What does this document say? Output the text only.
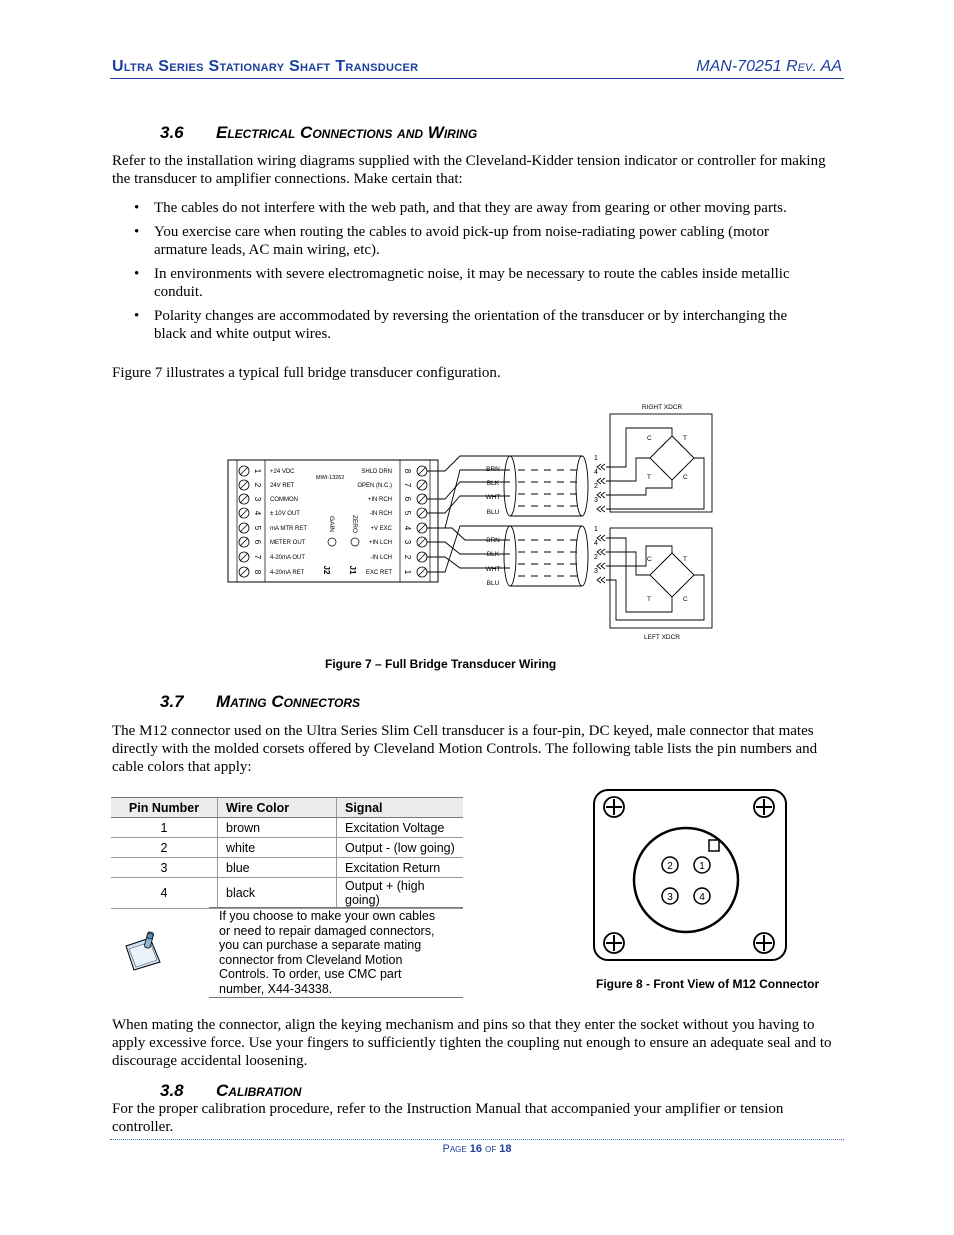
Ultra Series Stationary Shaft Transducer	MAN-70251 Rev. AA
3.6 Electrical Connections and Wiring
Refer to the installation wiring diagrams supplied with the Cleveland-Kidder tension indicator or controller for making the transducer to amplifier connections. Make certain that:
• The cables do not interfere with the web path, and that they are away from gearing or other moving parts.
• You exercise care when routing the cables to avoid pick-up from noise-radiating power cabling (motor armature leads, AC main wiring, etc).
• In environments with severe electromagnetic noise, it may be necessary to route the cables inside metallic conduit.
• Polarity changes are accommodated by reversing the orientation of the transducer or by interchanging the black and white output wires.
Figure 7 illustrates a typical full bridge transducer configuration.
1
2
3
4
5
6
7
8
+24 VDC
24V RET
COMMON
± 10V OUT
mA MTR RET
METER OUT
4-20mA OUT
4-20mA RET
MWI-13262
GAIN ZERO
J2 J1
SHLD DRN
OPEN (N.C.)
+IN RCH
-IN RCH
+V EXC
+IN LCH
-IN LCH
EXC RET
8
7
6
5
4
3
2
1
BRN
BLK
WHT
BLU
BRN
BLK
WHT
BLU
1
4
2
3
1
4
2
3
RIGHT XDCR
C	T
T	C
LEFT XDCR
C	T
T	C
Figure 7 – Full Bridge Transducer Wiring
3.7 Mating Connectors
The M12 connector used on the Ultra Series Slim Cell transducer is a four-pin, DC keyed, male connector that mates directly with the molded corsets offered by Cleveland Motion Controls. The following table lists the pin numbers and cable colors that apply:
Pin Number	Wire Color	Signal
1	brown	Excitation Voltage
2	white	Output - (low going)
3	blue	Excitation Return
4	black	Output + (high going)
If you choose to make your own cables or need to repair damaged connectors, you can purchase a separate mating connector from Cleveland Motion Controls. To order, use CMC part number, X44-34338.
2	1
3	4
Figure 8 - Front View of M12 Connector
When mating the connector, align the keying mechanism and pins so that they enter the socket without you having to apply excessive force. Use your fingers to sufficiently tighten the coupling nut enough to ensure an adequate seal and to discourage accidental loosening.
3.8 Calibration
For the proper calibration procedure, refer to the Instruction Manual that accompanied your amplifier or tension controller.
Page 16 of 18
